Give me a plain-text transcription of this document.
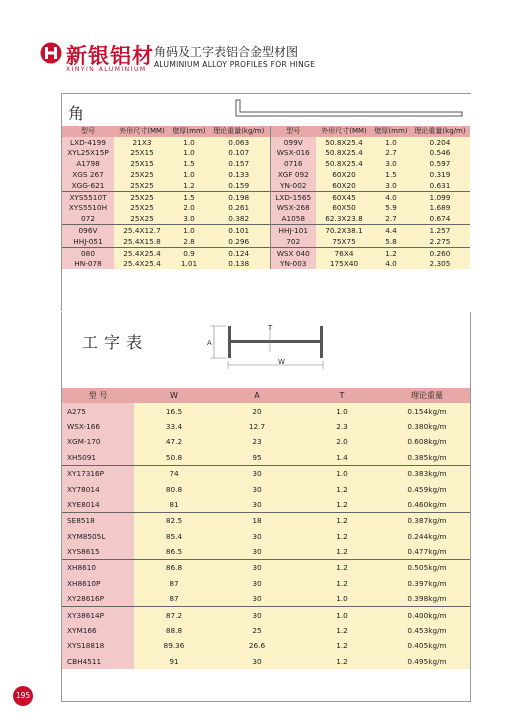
新银铝材
XINYIN ALUMINIUM
角码及工字表铝合金型材图
ALUMINIUM ALLOY PROFILES FOR HINGE
角
型号	外形尺寸(MM)	壁厚(mm)	理论重量(kg/m)	型号	外形尺寸(MM)	壁厚(mm)	理论重量(kg/m)
LXD-4199	21X3	1.0	0.063	099V	50.8X25.4	1.0	0.204
XYL25X15P	25X15	1.0	0.107	WSX-016	50.8X25.4	2.7	0.546
A1798	25X15	1.5	0.157	0716	50.8X25.4	3.0	0.597
XGS 267	25X25	1.0	0.133	XGF 092	60X20	1.5	0.319
XGG-621	25X25	1.2	0.159	YN-002	60X20	3.0	0.631
XYS5510T	25X25	1.5	0.198	LXD-1565	60X45	4.0	1.099
XYS5510H	25X25	2.0	0.261	WSX-268	60X50	5.9	1.689
072	25X25	3.0	0.382	A1058	62.3X23.8	2.7	0.674
096V	25.4X12.7	1.0	0.101	HHJ-101	70.2X38.1	4.4	1.257
HHJ-051	25.4X15.8	2.8	0.296	702	75X75	5.8	2.275
080	25.4X25.4	0.9	0.124	WSX 040	76X4	1.2	0.260
HN-078	25.4X25.4	1.01	0.138	YN-003	175X40	4.0	2.305
工字表	A
T
W
型 号	W	A	T	理论重量
A275	16.5	20	1.0	0.154kg/m
WSX-166	33.4	12.7	2.3	0.380kg/m
XGM-170	47.2	23	2.0	0.608kg/m
XH5091	50.8	95	1.4	0.385kg/m
XY17316P	74	30	1.0	0.383kg/m
XY78014	80.8	30	1.2	0.459kg/m
XYE8014	81	30	1.2	0.460kg/m
SE8518	82.5	18	1.2	0.387kg/m
XYM8505L	85.4	30	1.2	0.244kg/m
XYS8615	86.5	30	1.2	0.477kg/m
XH8610	86.8	30	1.2	0.505kg/m
XH8610P	87	30	1.2	0.397kg/m
XY28616P	87	30	1.0	0.398kg/m
XY38614P	87.2	30	1.0	0.400kg/m
XYM166	88.8	25	1.2	0.453kg/m
XYS18818	89.36	26.6	1.2	0.405kg/m
CBH4511	91	30	1.2	0.495kg/m
195
